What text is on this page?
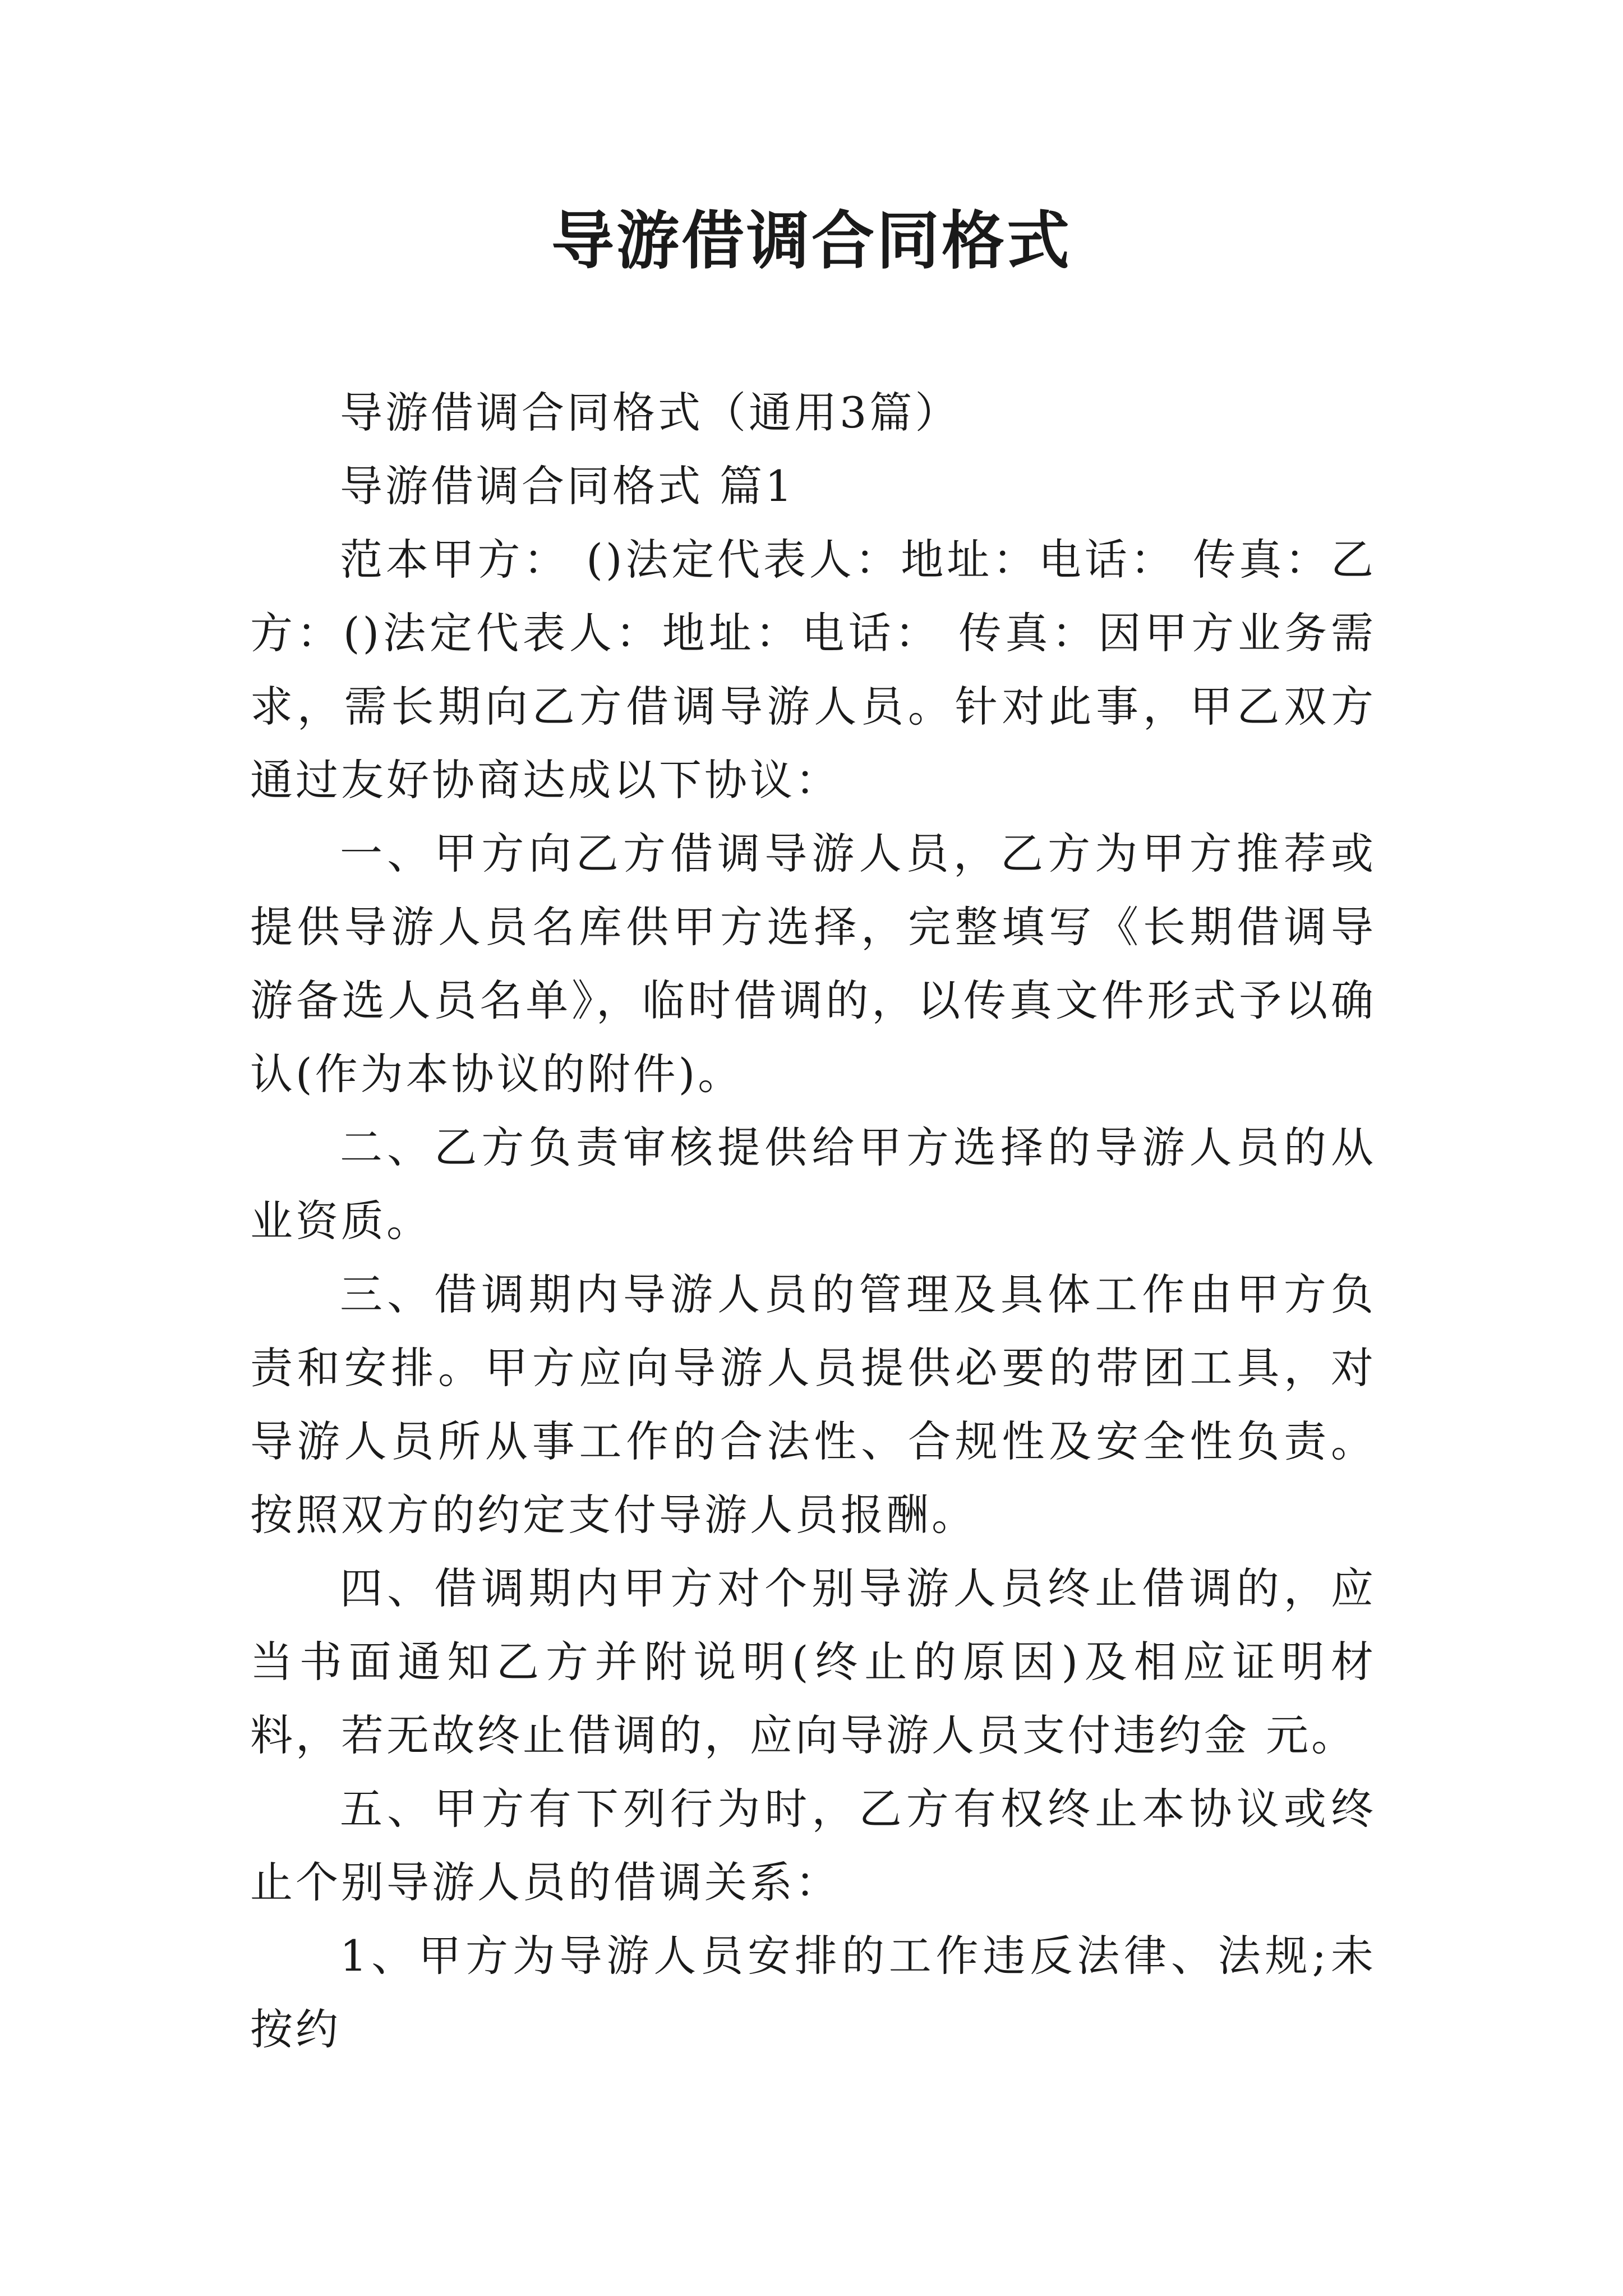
导游借调合同格式

导游借调合同格式（通用3篇）

导游借调合同格式 篇1

范本甲方： ()法定代表人：地址：电话： 传真：乙方：()法定代表人：地址：电话： 传真：因甲方业务需求，需长期向乙方借调导游人员。针对此事，甲乙双方通过友好协商达成以下协议：

一、甲方向乙方借调导游人员，乙方为甲方推荐或提供导游人员名库供甲方选择，完整填写《长期借调导游备选人员名单》，临时借调的，以传真文件形式予以确认(作为本协议的附件)。

二、乙方负责审核提供给甲方选择的导游人员的从业资质。

三、借调期内导游人员的管理及具体工作由甲方负责和安排。甲方应向导游人员提供必要的带团工具，对导游人员所从事工作的合法性、合规性及安全性负责。按照双方的约定支付导游人员报酬。

四、借调期内甲方对个别导游人员终止借调的，应当书面通知乙方并附说明(终止的原因)及相应证明材料，若无故终止借调的，应向导游人员支付违约金 元。

五、甲方有下列行为时，乙方有权终止本协议或终止个别导游人员的借调关系：

1、甲方为导游人员安排的工作违反法律、法规;未按约
